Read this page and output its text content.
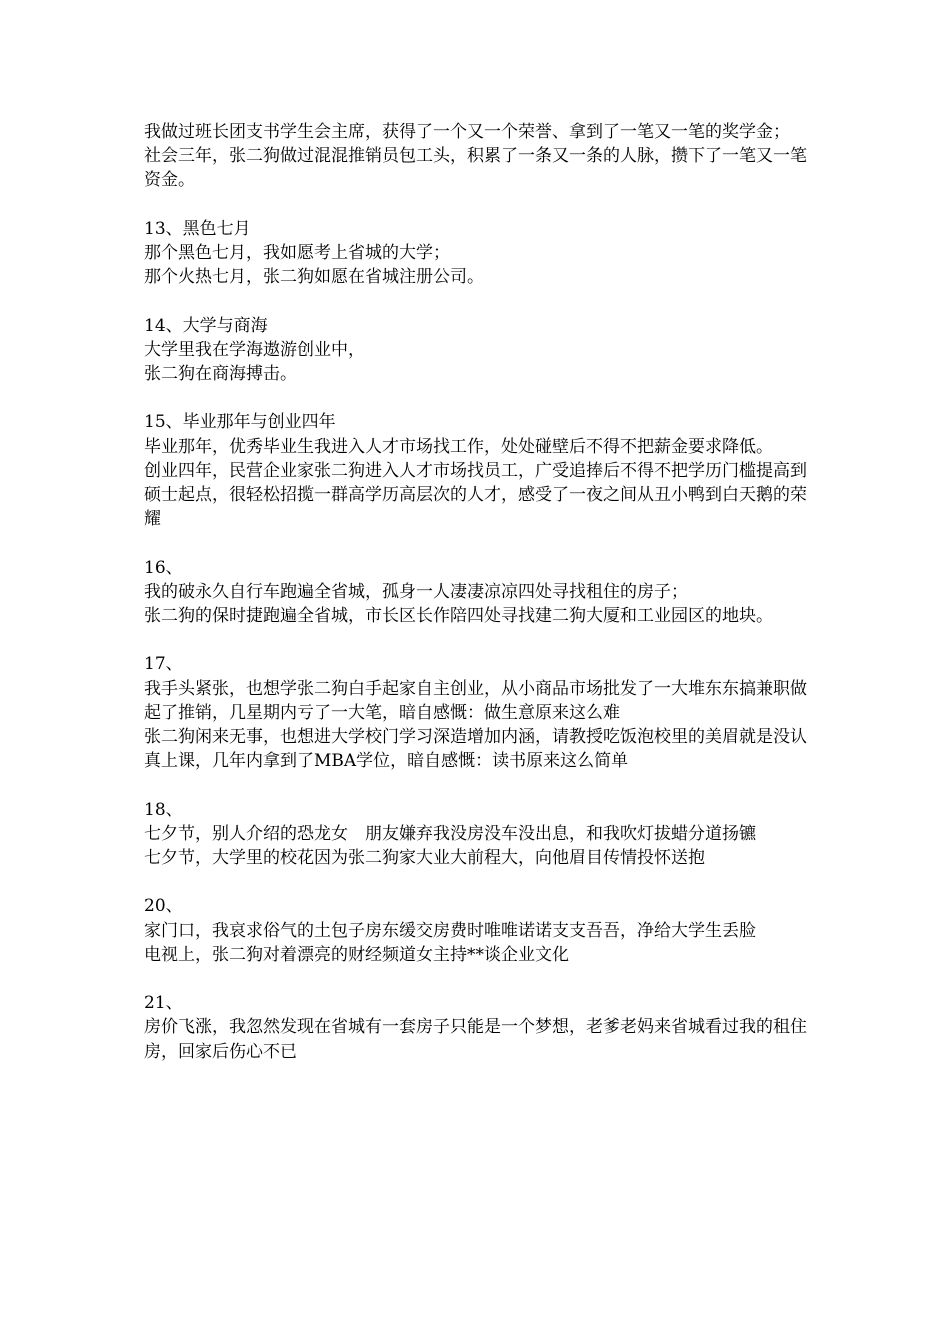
我做过班长团支书学生会主席，获得了一个又一个荣誉、拿到了一笔又一笔的奖学金；
社会三年，张二狗做过混混推销员包工头，积累了一条又一条的人脉，攒下了一笔又一笔资金。
13、黑色七月
那个黑色七月，我如愿考上省城的大学；
那个火热七月，张二狗如愿在省城注册公司。
14、大学与商海
大学里我在学海遨游创业中，
张二狗在商海搏击。
15、毕业那年与创业四年
毕业那年，优秀毕业生我进入人才市场找工作，处处碰壁后不得不把薪金要求降低。
创业四年，民营企业家张二狗进入人才市场找员工，广受追捧后不得不把学历门槛提高到硕士起点，很轻松招揽一群高学历高层次的人才，感受了一夜之间从丑小鸭到白天鹅的荣耀
16、
我的破永久自行车跑遍全省城，孤身一人凄凄凉凉四处寻找租住的房子；
张二狗的保时捷跑遍全省城，市长区长作陪四处寻找建二狗大厦和工业园区的地块。
17、
我手头紧张，也想学张二狗白手起家自主创业，从小商品市场批发了一大堆东东搞兼职做起了推销，几星期内亏了一大笔，暗自感慨：做生意原来这么难
张二狗闲来无事，也想进大学校门学习深造增加内涵，请教授吃饭泡校里的美眉就是没认真上课，几年内拿到了MBA学位，暗自感慨：读书原来这么简单
18、
七夕节，别人介绍的恐龙女　朋友嫌弃我没房没车没出息，和我吹灯拔蜡分道扬镳
七夕节，大学里的校花因为张二狗家大业大前程大，向他眉目传情投怀送抱
20、
家门口，我哀求俗气的土包子房东缓交房费时唯唯诺诺支支吾吾，净给大学生丢脸
电视上，张二狗对着漂亮的财经频道女主持**谈企业文化
21、
房价飞涨，我忽然发现在省城有一套房子只能是一个梦想，老爹老妈来省城看过我的租住房，回家后伤心不已
